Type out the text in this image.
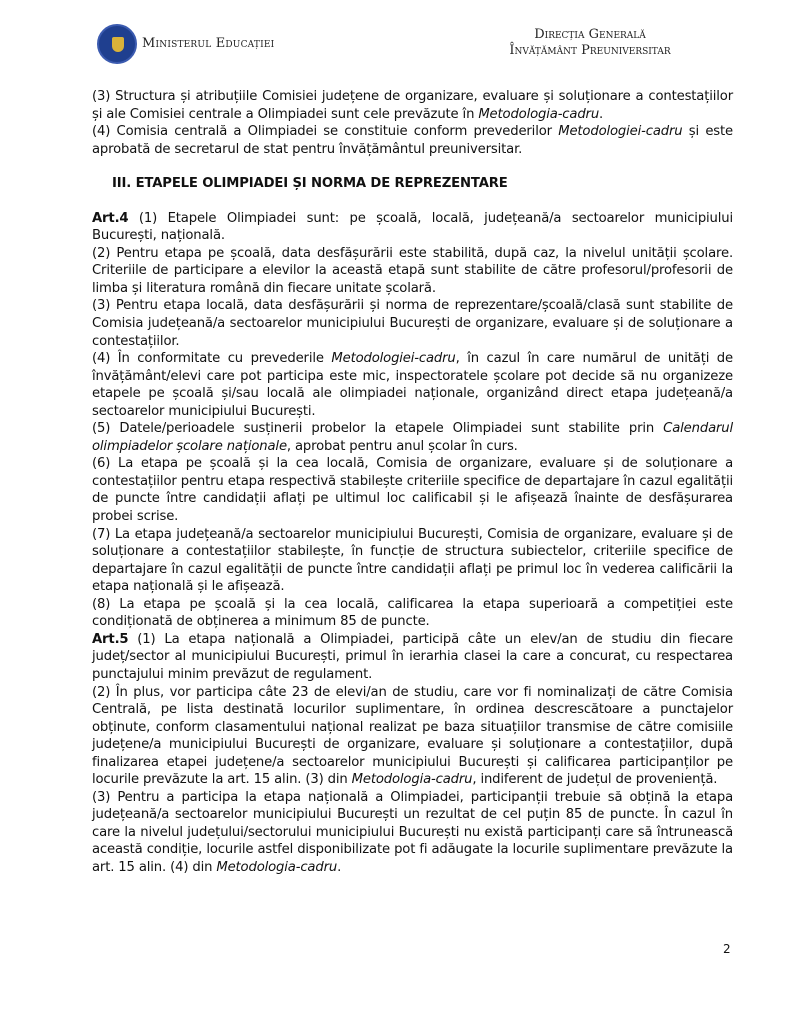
Ministerul Educației
Direcția Generală
Învățământ Preuniversitar

(3) Structura și atribuțiile Comisiei județene de organizare, evaluare și soluționare a contestațiilor și ale Comisiei centrale a Olimpiadei sunt cele prevăzute în Metodologia-cadru.

(4) Comisia centrală a Olimpiadei se constituie conform prevederilor Metodologiei-cadru și este aprobată de secretarul de stat pentru învățământul preuniversitar.

III. ETAPELE OLIMPIADEI ȘI NORMA DE REPREZENTARE

Art.4 (1) Etapele Olimpiadei sunt: pe școală, locală, județeană/a sectoarelor municipiului București, națională.

(2) Pentru etapa pe școală, data desfășurării este stabilită, după caz, la nivelul unității școlare. Criteriile de participare a elevilor la această etapă sunt stabilite de către profesorul/profesorii de limba și literatura română din fiecare unitate școlară.

(3) Pentru etapa locală, data desfășurării și norma de reprezentare/școală/clasă sunt stabilite de Comisia județeană/a sectoarelor municipiului București de organizare, evaluare și de soluționare a contestațiilor.

(4) În conformitate cu prevederile Metodologiei-cadru, în cazul în care numărul de unități de învățământ/elevi care pot participa este mic, inspectoratele școlare pot decide să nu organizeze etapele pe școală și/sau locală ale olimpiadei naționale, organizând direct etapa județeană/a sectoarelor municipiului București.

(5) Datele/perioadele susținerii probelor la etapele Olimpiadei sunt stabilite prin Calendarul olimpiadelor școlare naționale, aprobat pentru anul școlar în curs.

(6) La etapa pe școală și la cea locală, Comisia de organizare, evaluare și de soluționare a contestațiilor pentru etapa respectivă stabilește criteriile specifice de departajare în cazul egalității de puncte între candidații aflați pe ultimul loc calificabil și le afișează înainte de desfășurarea probei scrise.

(7) La etapa județeană/a sectoarelor municipiului București, Comisia de organizare, evaluare și de soluționare a contestațiilor stabilește, în funcție de structura subiectelor, criteriile specifice de departajare în cazul egalității de puncte între candidații aflați pe primul loc în vederea calificării la etapa națională și le afișează.

(8) La etapa pe școală și la cea locală, calificarea la etapa superioară a competiției este condiționată de obținerea a minimum 85 de puncte.

Art.5 (1) La etapa națională a Olimpiadei, participă câte un elev/an de studiu din fiecare județ/sector al municipiului București, primul în ierarhia clasei la care a concurat, cu respectarea punctajului minim prevăzut de regulament.

(2) În plus, vor participa câte 23 de elevi/an de studiu, care vor fi nominalizați de către Comisia Centrală, pe lista destinată locurilor suplimentare, în ordinea descrescătoare a punctajelor obținute, conform clasamentului național realizat pe baza situațiilor transmise de către comisiile județene/a municipiului București de organizare, evaluare și soluționare a contestațiilor, după finalizarea etapei județene/a sectoarelor municipiului București și calificarea participanților pe locurile prevăzute la art. 15 alin. (3) din Metodologia-cadru, indiferent de județul de proveniență.

(3) Pentru a participa la etapa națională a Olimpiadei, participanții trebuie să obțină la etapa județeană/a sectoarelor municipiului București un rezultat de cel puțin 85 de puncte. În cazul în care la nivelul județului/sectorului municipiului București nu există participanți care să întrunească această condiție, locurile astfel disponibilizate pot fi adăugate la locurile suplimentare prevăzute la art. 15 alin. (4) din Metodologia-cadru.

2
